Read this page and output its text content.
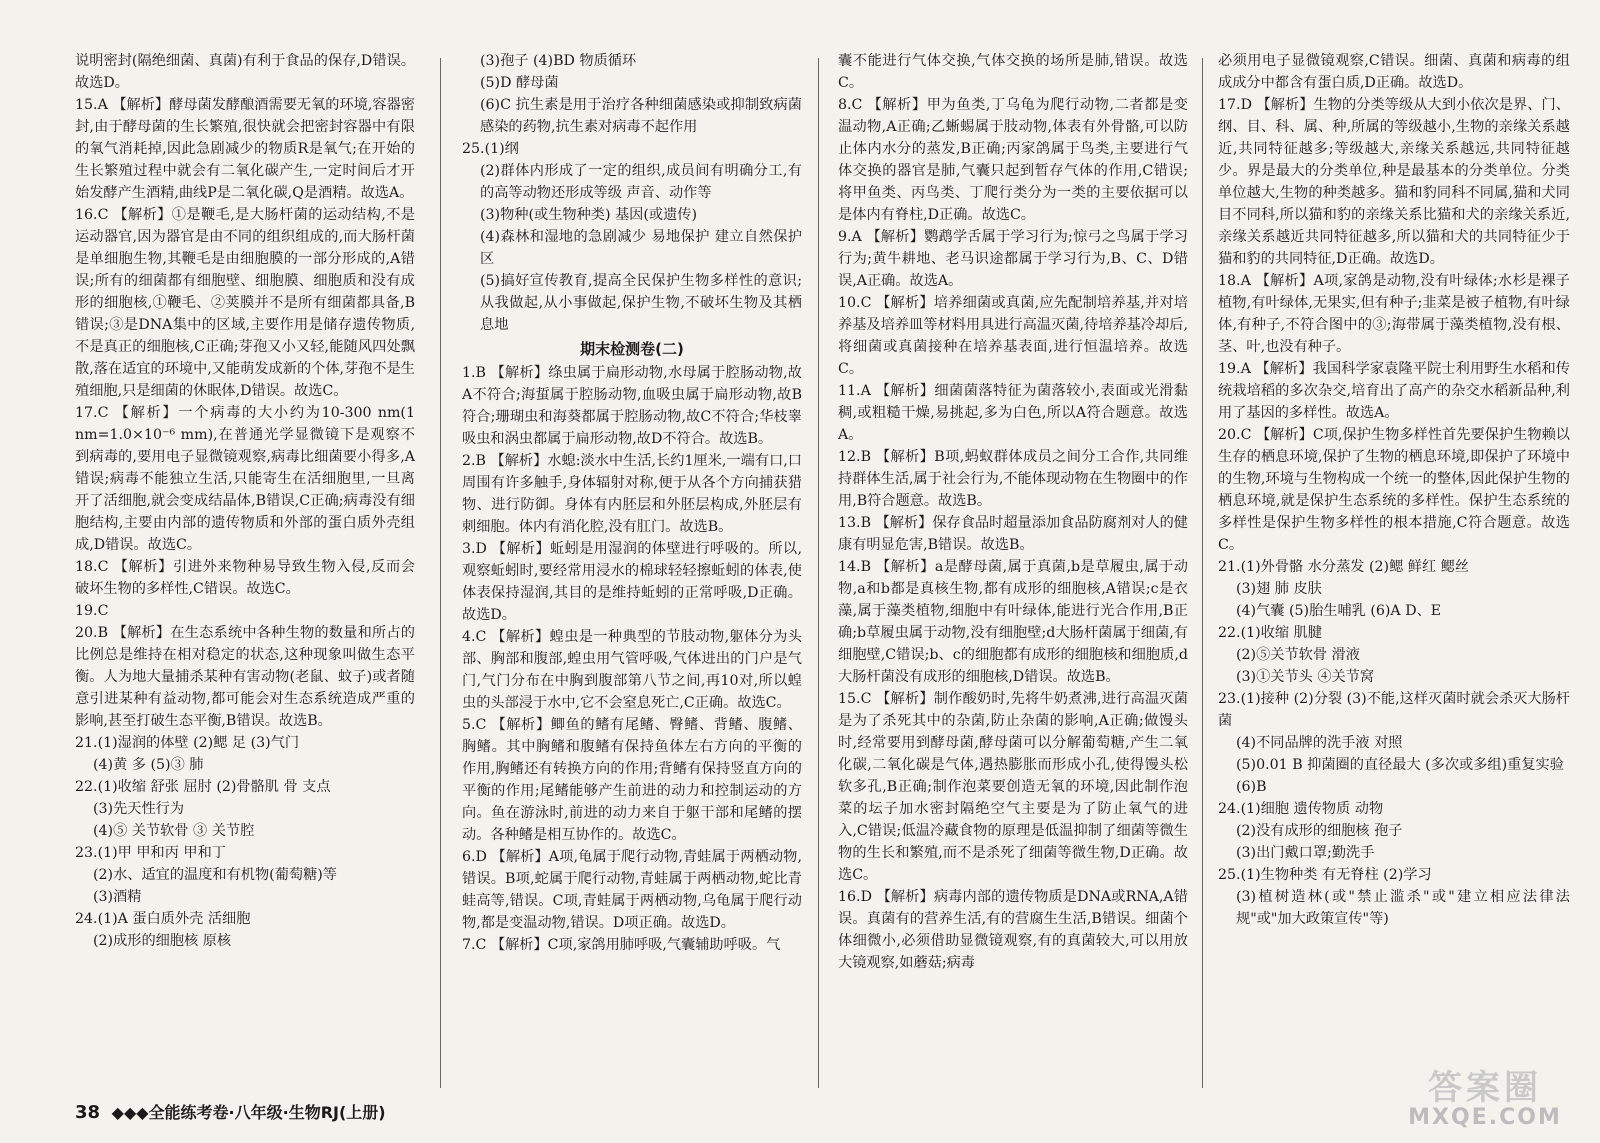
说明密封(隔绝细菌、真菌)有利于食品的保存,D错误。故选D。

15.A 【解析】酵母菌发酵酿酒需要无氧的环境,容器密封,由于酵母菌的生长繁殖,很快就会把密封容器中有限的氧气消耗掉,因此急剧减少的物质R是氧气;在开始的生长繁殖过程中就会有二氧化碳产生,一定时间后才开始发酵产生酒精,曲线P是二氧化碳,Q是酒精。故选A。

16.C 【解析】①是鞭毛,是大肠杆菌的运动结构,不是运动器官,因为器官是由不同的组织组成的,而大肠杆菌是单细胞生物,其鞭毛是由细胞膜的一部分形成的,A错误;所有的细菌都有细胞壁、细胞膜、细胞质和没有成形的细胞核,①鞭毛、②荚膜并不是所有细菌都具备,B错误;③是DNA集中的区域,主要作用是储存遗传物质,不是真正的细胞核,C正确;芽孢又小又轻,能随风四处飘散,落在适宜的环境中,又能萌发成新的个体,芽孢不是生殖细胞,只是细菌的休眠体,D错误。故选C。

17.C 【解析】一个病毒的大小约为10-300 nm(1 nm=1.0×10⁻⁶ mm),在普通光学显微镜下是观察不到病毒的,要用电子显微镜观察,病毒比细菌要小得多,A错误;病毒不能独立生活,只能寄生在活细胞里,一旦离开了活细胞,就会变成结晶体,B错误,C正确;病毒没有细胞结构,主要由内部的遗传物质和外部的蛋白质外壳组成,D错误。故选C。

18.C 【解析】引进外来物种易导致生物入侵,反而会破坏生物的多样性,C错误。故选C。

19.C

20.B 【解析】在生态系统中各种生物的数量和所占的比例总是维持在相对稳定的状态,这种现象叫做生态平衡。人为地大量捕杀某种有害动物(老鼠、蚊子)或者随意引进某种有益动物,都可能会对生态系统造成严重的影响,甚至打破生态平衡,B错误。故选B。

21.(1)湿润的体壁 (2)鳃 足 (3)气门

(4)黄 多 (5)③ 肺

22.(1)收缩 舒张 屈肘 (2)骨骼肌 骨 支点

(3)先天性行为

(4)⑤ 关节软骨 ③ 关节腔

23.(1)甲 甲和丙 甲和丁

(2)水、适宜的温度和有机物(葡萄糖)等

(3)酒精

24.(1)A 蛋白质外壳 活细胞

(2)成形的细胞核 原核

(3)孢子 (4)BD 物质循环

(5)D 酵母菌

(6)C 抗生素是用于治疗各种细菌感染或抑制致病菌感染的药物,抗生素对病毒不起作用

25.(1)纲

(2)群体内形成了一定的组织,成员间有明确分工,有的高等动物还形成等级 声音、动作等

(3)物种(或生物种类) 基因(或遗传)

(4)森林和湿地的急剧减少 易地保护 建立自然保护区

(5)搞好宣传教育,提高全民保护生物多样性的意识;从我做起,从小事做起,保护生物,不破坏生物及其栖息地

期末检测卷(二)

1.B 【解析】绦虫属于扁形动物,水母属于腔肠动物,故A不符合;海蜇属于腔肠动物,血吸虫属于扁形动物,故B符合;珊瑚虫和海葵都属于腔肠动物,故C不符合;华枝睾吸虫和涡虫都属于扁形动物,故D不符合。故选B。

2.B 【解析】水螅:淡水中生活,长约1厘米,一端有口,口周围有许多触手,身体辐射对称,便于从各个方向捕获猎物、进行防御。身体有内胚层和外胚层构成,外胚层有刺细胞。体内有消化腔,没有肛门。故选B。

3.D 【解析】蚯蚓是用湿润的体壁进行呼吸的。所以,观察蚯蚓时,要经常用浸水的棉球轻轻擦蚯蚓的体表,使体表保持湿润,其目的是维持蚯蚓的正常呼吸,D正确。故选D。

4.C 【解析】蝗虫是一种典型的节肢动物,躯体分为头部、胸部和腹部,蝗虫用气管呼吸,气体进出的门户是气门,气门分布在中胸到腹部第八节之间,再10对,所以蝗虫的头部浸于水中,它不会窒息死亡,C正确。故选C。

5.C 【解析】鲫鱼的鳍有尾鳍、臀鳍、背鳍、腹鳍、胸鳍。其中胸鳍和腹鳍有保持鱼体左右方向的平衡的作用,胸鳍还有转换方向的作用;背鳍有保持竖直方向的平衡的作用;尾鳍能够产生前进的动力和控制运动的方向。鱼在游泳时,前进的动力来自于躯干部和尾鳍的摆动。各种鳍是相互协作的。故选C。

6.D 【解析】A项,龟属于爬行动物,青蛙属于两栖动物,错误。B项,蛇属于爬行动物,青蛙属于两栖动物,蛇比青蛙高等,错误。C项,青蛙属于两栖动物,乌龟属于爬行动物,都是变温动物,错误。D项正确。故选D。

7.C 【解析】C项,家鸽用肺呼吸,气囊辅助呼吸。气

囊不能进行气体交换,气体交换的场所是肺,错误。故选C。

8.C 【解析】甲为鱼类,丁乌龟为爬行动物,二者都是变温动物,A正确;乙蜥蜴属于肢动物,体表有外骨骼,可以防止体内水分的蒸发,B正确;丙家鸽属于鸟类,主要进行气体交换的器官是肺,气囊只起到暂存气体的作用,C错误;将甲鱼类、丙鸟类、丁爬行类分为一类的主要依据可以是体内有脊柱,D正确。故选C。

9.A 【解析】鹦鹉学舌属于学习行为;惊弓之鸟属于学习行为;黄牛耕地、老马识途都属于学习行为,B、C、D错误,A正确。故选A。

10.C 【解析】培养细菌或真菌,应先配制培养基,并对培养基及培养皿等材料用具进行高温灭菌,待培养基冷却后,将细菌或真菌接种在培养基表面,进行恒温培养。故选C。

11.A 【解析】细菌菌落特征为菌落较小,表面或光滑黏稠,或粗糙干燥,易挑起,多为白色,所以A符合题意。故选A。

12.B 【解析】B项,蚂蚁群体成员之间分工合作,共同维持群体生活,属于社会行为,不能体现动物在生物圈中的作用,B符合题意。故选B。

13.B 【解析】保存食品时超量添加食品防腐剂对人的健康有明显危害,B错误。故选B。

14.B 【解析】a是酵母菌,属于真菌,b是草履虫,属于动物,a和b都是真核生物,都有成形的细胞核,A错误;c是衣藻,属于藻类植物,细胞中有叶绿体,能进行光合作用,B正确;b草履虫属于动物,没有细胞壁;d大肠杆菌属于细菌,有细胞壁,C错误;b、c的细胞都有成形的细胞核和细胞质,d大肠杆菌没有成形的细胞核,D错误。故选B。

15.C 【解析】制作酸奶时,先将牛奶煮沸,进行高温灭菌是为了杀死其中的杂菌,防止杂菌的影响,A正确;做馒头时,经常要用到酵母菌,酵母菌可以分解葡萄糖,产生二氧化碳,二氧化碳是气体,遇热膨胀而形成小孔,使得馒头松软多孔,B正确;制作泡菜要创造无氧的环境,因此制作泡菜的坛子加水密封隔绝空气主要是为了防止氧气的进入,C错误;低温冷藏食物的原理是低温抑制了细菌等微生物的生长和繁殖,而不是杀死了细菌等微生物,D正确。故选C。

16.D 【解析】病毒内部的遗传物质是DNA或RNA,A错误。真菌有的营养生活,有的营腐生生活,B错误。细菌个体细微小,必须借助显微镜观察,有的真菌较大,可以用放大镜观察,如蘑菇;病毒

必须用电子显微镜观察,C错误。细菌、真菌和病毒的组成成分中都含有蛋白质,D正确。故选D。

17.D 【解析】生物的分类等级从大到小依次是界、门、纲、目、科、属、种,所属的等级越小,生物的亲缘关系越近,共同特征越多;等级越大,亲缘关系越远,共同特征越少。界是最大的分类单位,种是最基本的分类单位。分类单位越大,生物的种类越多。猫和豹同科不同属,猫和犬同目不同科,所以猫和豹的亲缘关系比猫和犬的亲缘关系近,亲缘关系越近共同特征越多,所以猫和犬的共同特征少于猫和豹的共同特征,D正确。故选D。

18.A 【解析】A项,家鸽是动物,没有叶绿体;水杉是裸子植物,有叶绿体,无果实,但有种子;韭菜是被子植物,有叶绿体,有种子,不符合图中的③;海带属于藻类植物,没有根、茎、叶,也没有种子。

19.A 【解析】我国科学家袁隆平院士利用野生水稻和传统栽培稻的多次杂交,培育出了高产的杂交水稻新品种,利用了基因的多样性。故选A。

20.C 【解析】C项,保护生物多样性首先要保护生物赖以生存的栖息环境,保护了生物的栖息环境,即保护了环境中的生物,环境与生物构成一个统一的整体,因此保护生物的栖息环境,就是保护生态系统的多样性。保护生态系统的多样性是保护生物多样性的根本措施,C符合题意。故选C。

21.(1)外骨骼 水分蒸发 (2)鳃 鲜红 鳃丝

(3)翅 肺 皮肤

(4)气囊 (5)胎生哺乳 (6)A D、E

22.(1)收缩 肌腱

(2)⑤关节软骨 滑液

(3)①关节头 ④关节窝

23.(1)接种 (2)分裂 (3)不能,这样灭菌时就会杀灭大肠杆菌

(4)不同品牌的洗手液 对照

(5)0.01 B 抑菌圈的直径最大 (多次或多组)重复实验

(6)B

24.(1)细胞 遗传物质 动物

(2)没有成形的细胞核 孢子

(3)出门戴口罩;勤洗手

25.(1)生物种类 有无脊柱 (2)学习

(3)植树造林(或"禁止滥杀"或"建立相应法律法规"或"加大政策宣传"等)

38 ◆◆◆全能练考卷·八年级·生物RJ(上册)
答案圈
MXQE.COM
